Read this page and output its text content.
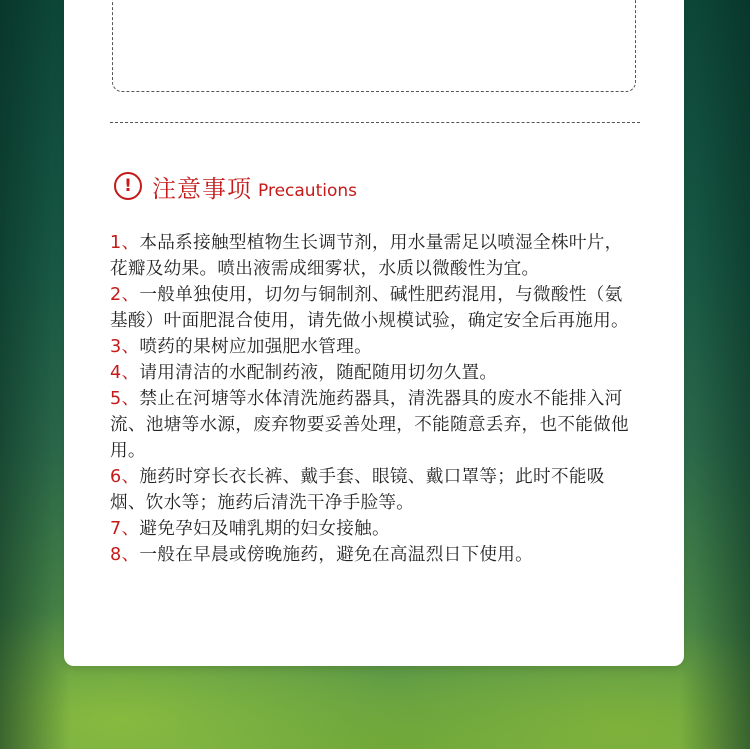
! 注意事项 Precautions
1、本品系接触型植物生长调节剂，用水量需足以喷湿全株叶片，花瓣及幼果。喷出液需成细雾状，水质以微酸性为宜。
2、一般单独使用，切勿与铜制剂、碱性肥药混用，与微酸性（氨基酸）叶面肥混合使用，请先做小规模试验，确定安全后再施用。
3、喷药的果树应加强肥水管理。
4、请用清洁的水配制药液，随配随用切勿久置。
5、禁止在河塘等水体清洗施药器具，清洗器具的废水不能排入河流、池塘等水源，废弃物要妥善处理，不能随意丢弃，也不能做他用。
6、施药时穿长衣长裤、戴手套、眼镜、戴口罩等；此时不能吸烟、饮水等；施药后清洗干净手脸等。
7、避免孕妇及哺乳期的妇女接触。
8、一般在早晨或傍晚施药，避免在高温烈日下使用。
